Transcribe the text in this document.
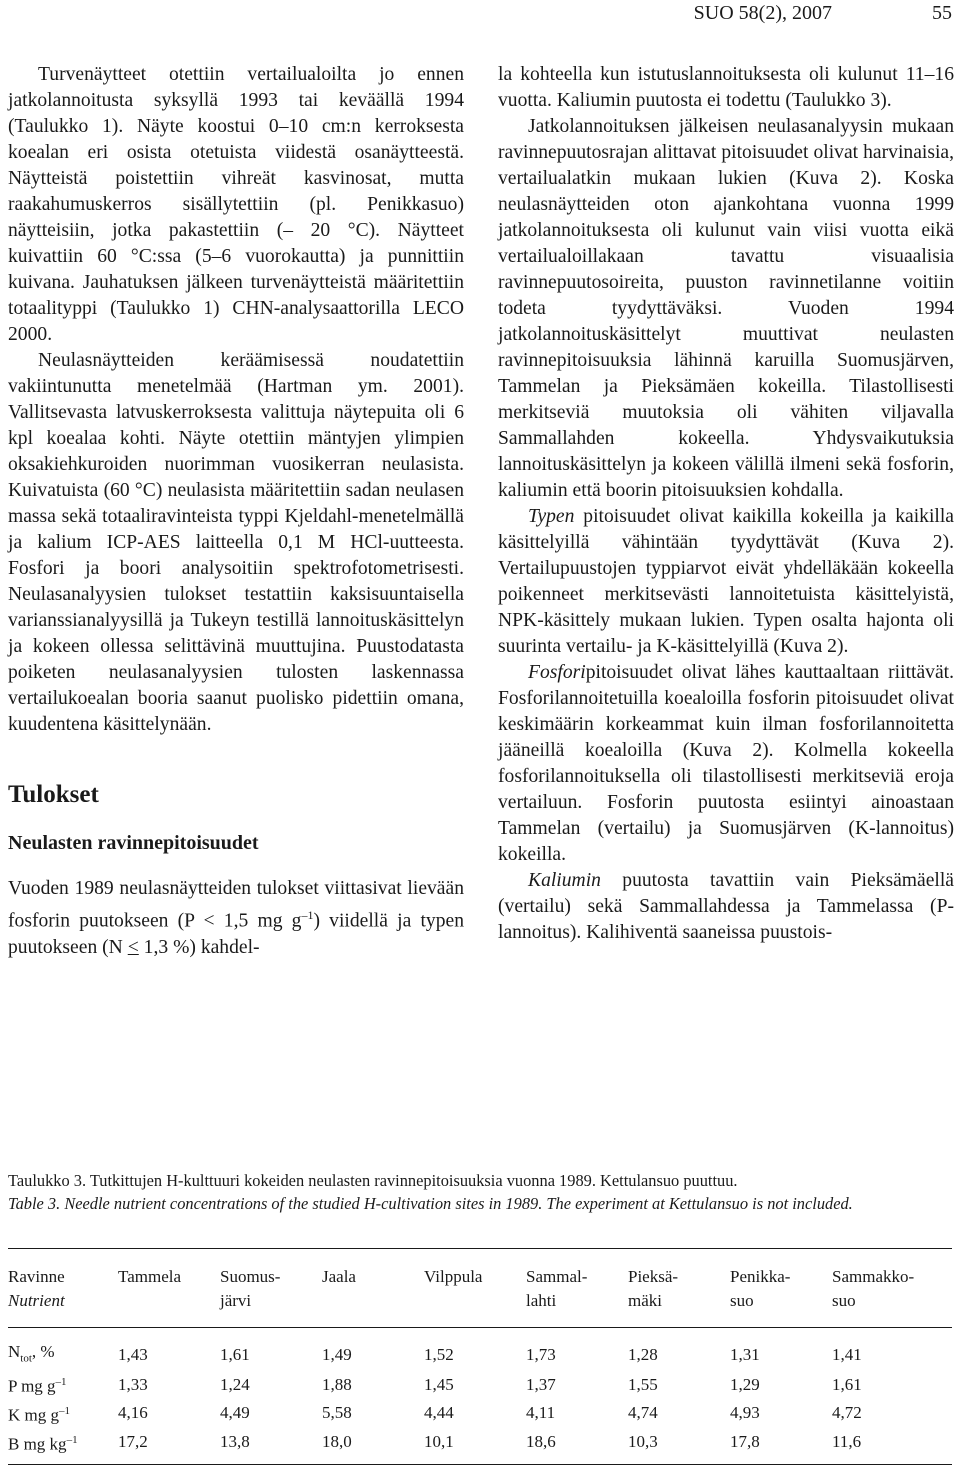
SUO 58(2), 2007	55

Turvenäytteet otettiin vertailualoilta jo ennen jatkolannoitusta syksyllä 1993 tai keväällä 1994 (Taulukko 1). Näyte koostui 0–10 cm:n kerroksesta koealan eri osista otetuista viidestä osanäytteestä. Näytteistä poistettiin vihreät kasvinosat, mutta raakahumuskerros sisällytettiin (pl. Penikkasuo) näytteisiin, jotka pakastettiin (– 20 °C). Näytteet kuivattiin 60 °C:ssa (5–6 vuorokautta) ja punnittiin kuivana. Jauhatuksen jälkeen turvenäytteistä määritettiin totaalityppi (Taulukko 1) CHN-analysaattorilla LECO 2000.

Neulasnäytteiden keräämisessä noudatettiin vakiintunutta menetelmää (Hartman ym. 2001). Vallitsevasta latvuskerroksesta valittuja näytepuita oli 6 kpl koealaa kohti. Näyte otettiin mäntyjen ylimpien oksakiehkuroiden nuorimman vuosikerran neulasista. Kuivatuista (60 °C) neulasista määritettiin sadan neulasen massa sekä totaaliravinteista typpi Kjeldahl-menetelmällä ja kalium ICP-AES laitteella 0,1 M HCl-uutteesta. Fosfori ja boori analysoitiin spektrofotometrisesti. Neulasanalyysien tulokset testattiin kaksisuuntaisella varianssianalyysillä ja Tukeyn testillä lannoituskäsittelyn ja kokeen ollessa selittävinä muuttujina. Puustodatasta poiketen neulasanalyysien tulosten laskennassa vertailukoealan booria saanut puolisko pidettiin omana, kuudentena käsittelynään.

Tulokset
Neulasten ravinnepitoisuudet

Vuoden 1989 neulasnäytteiden tulokset viittasivat lievään fosforin puutokseen (P < 1,5 mg $g^{-1}$) viidellä ja typen puutokseen (N ≤ 1,3 %) kahdel-

la kohteella kun istutuslannoituksesta oli kulunut 11–16 vuotta. Kaliumin puutosta ei todettu (Taulukko 3).

Jatkolannoituksen jälkeisen neulasanalyysin mukaan ravinnepuutosrajan alittavat pitoisuudet olivat harvinaisia, vertailualatkin mukaan lukien (Kuva 2). Koska neulasnäytteiden oton ajankohtana vuonna 1999 jatkolannoituksesta oli kulunut vain viisi vuotta eikä vertailualoillakaan tavattu visuaalisia ravinnepuutosoireita, puuston ravinnetilanne voitiin todeta tyydyttäväksi. Vuoden 1994 jatkolannoituskäsittelyt muuttivat neulasten ravinnepitoisuuksia lähinnä karuilla Suomusjärven, Tammelan ja Pieksämäen kokeilla. Tilastollisesti merkitseviä muutoksia oli vähiten viljavalla Sammallahden kokeella. Yhdysvaikutuksia lannoituskäsittelyn ja kokeen välillä ilmeni sekä fosforin, kaliumin että boorin pitoisuuksien kohdalla.

Typen pitoisuudet olivat kaikilla kokeilla ja kaikilla käsittelyillä vähintään tyydyttävät (Kuva 2). Vertailupuustojen typpiarvot eivät yhdelläkään kokeella poikenneet merkitsevästi lannoitetuista käsittelyistä, NPK-käsittely mukaan lukien. Typen osalta hajonta oli suurinta vertailu- ja K-käsittelyillä (Kuva 2).

Fosforipitoisuudet olivat lähes kauttaaltaan riittävät. Fosforilannoitetuilla koealoilla fosforin pitoisuudet olivat keskimäärin korkeammat kuin ilman fosforilannoitetta jääneillä koealoilla (Kuva 2). Kolmella kokeella fosforilannoituksella oli tilastollisesti merkitseviä eroja vertailuun. Fosforin puutosta esiintyi ainoastaan Tammelan (vertailu) ja Suomusjärven (K-lannoitus) kokeilla.

Kaliumin puutosta tavattiin vain Pieksämäellä (vertailu) sekä Sammallahdessa ja Tammelassa (P-lannoitus). Kalihiventä saaneissa puustois-

Taulukko 3. Tutkittujen H-kulttuuri kokeiden neulasten ravinnepitoisuuksia vuonna 1989. Kettulansuo puuttuu.
Table 3. Needle nutrient concentrations of the studied H-cultivation sites in 1989. The experiment at Kettulansuo is not included.
Ravinne	Tammela	Suomus-	Jaala	Vilppula	Sammal-	Pieksä-	Penikka-	Sammakko-
Nutrient		järvi			lahti	mäki	suo	suo
$N_{tot}$, %	1,43	1,61	1,49	1,52	1,73	1,28	1,31	1,41
P mg $g^{-1}$	1,33	1,24	1,88	1,45	1,37	1,55	1,29	1,61
K mg $g^{-1}$	4,16	4,49	5,58	4,44	4,11	4,74	4,93	4,72
B mg $kg^{-1}$	17,2	13,8	18,0	10,1	18,6	10,3	17,8	11,6
